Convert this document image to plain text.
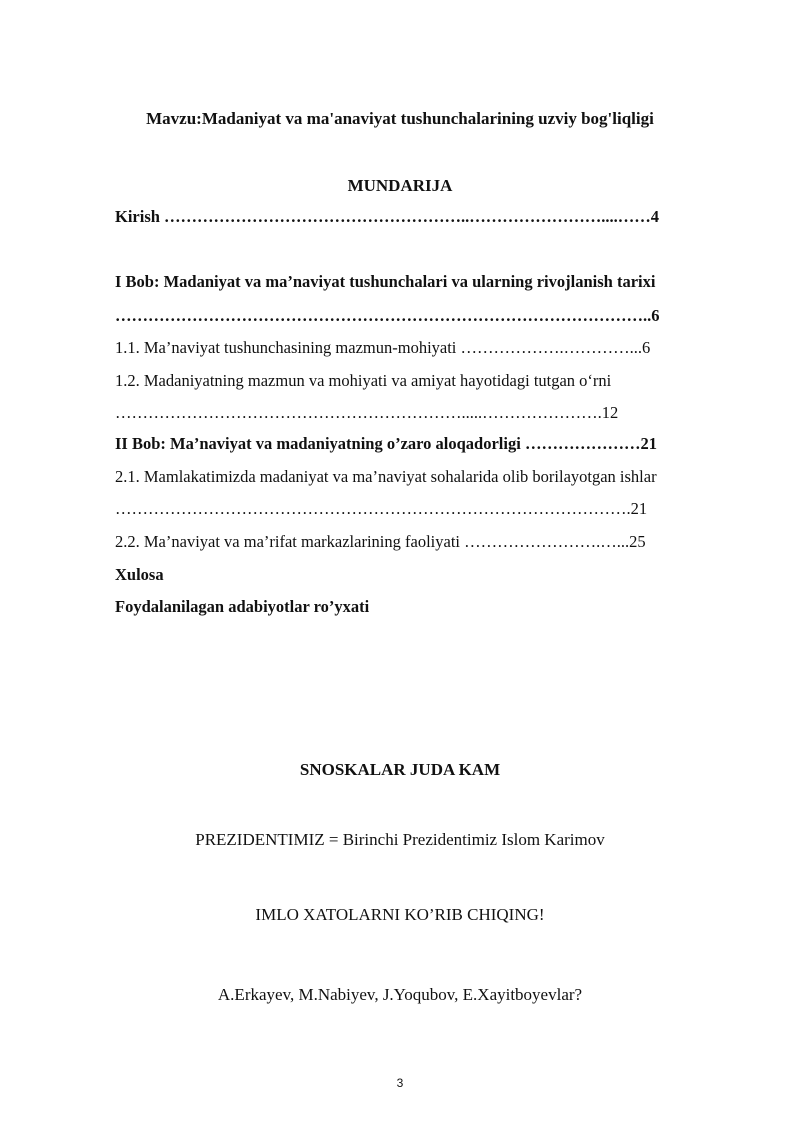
Mavzu:Madaniyat va ma'anaviyat tushunchalarining uzviy bog'liqligi
MUNDARIJA
Kirish ………………………………………………..……………………....……4
I Bob: Madaniyat va ma’naviyat tushunchalari va ularning rivojlanish tarixi
……………………………………………………………………………………..6
1.1. Ma’naviyat tushunchasining mazmun-mohiyati ……………….…………...6
1.2. Madaniyatning mazmun va mohiyati va amiyat hayotidagi tutgan o‘rni
……………………………………………………….....………………….12
II Bob: Ma’naviyat va madaniyatning o’zaro aloqadorligi …………………21
2.1. Mamlakatimizda madaniyat va ma’naviyat sohalarida olib borilayotgan ishlar
………………………………………………………………………………….21
2.2. Ma’naviyat va ma’rifat markazlarining faoliyati …………………….…...25
Xulosa
Foydalanilagan adabiyotlar ro’yxati
SNOSKALAR JUDA KAM
PREZIDENTIMIZ = Birinchi Prezidentimiz Islom Karimov
IMLO XATOLARNI KO’RIB CHIQING!
A.Erkayev, M.Nabiyev, J.Yoqubov, E.Xayitboyevlar?
3
